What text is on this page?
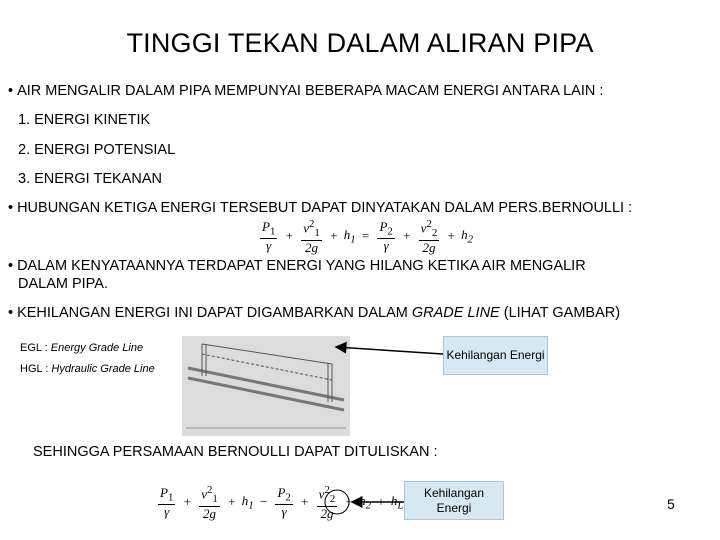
TINGGI TEKAN DALAM ALIRAN PIPA
• AIR MENGALIR DALAM PIPA MEMPUNYAI BEBERAPA MACAM ENERGI ANTARA LAIN :
1. ENERGI KINETIK
2. ENERGI POTENSIAL
3. ENERGI TEKANAN
• HUBUNGAN KETIGA ENERGI TERSEBUT DAPAT DINYATAKAN DALAM PERS.BERNOULLI :
$\frac{P_1}{\gamma} + \frac{v^2_1}{2g} + h_1 = \frac{P_2}{\gamma} + \frac{v^2_2}{2g} + h_2$
• DALAM KENYATAANNYA TERDAPAT ENERGI YANG HILANG KETIKA AIR MENGALIR
DALAM PIPA.
• KEHILANGAN ENERGI INI DAPAT DIGAMBARKAN DALAM GRADE LINE (LIHAT GAMBAR)
EGL : Energy Grade Line
HGL : Hydraulic Grade Line
Kehilangan Energi
SEHINGGA PERSAMAAN BERNOULLI DAPAT DITULISKAN :
$\frac{P_1}{\gamma} + \frac{v^2_1}{2g} + h_1 - \frac{P_2}{\gamma} + \frac{v^2_2}{2g} + h_2 + h_L$
Kehilangan Energi	5
